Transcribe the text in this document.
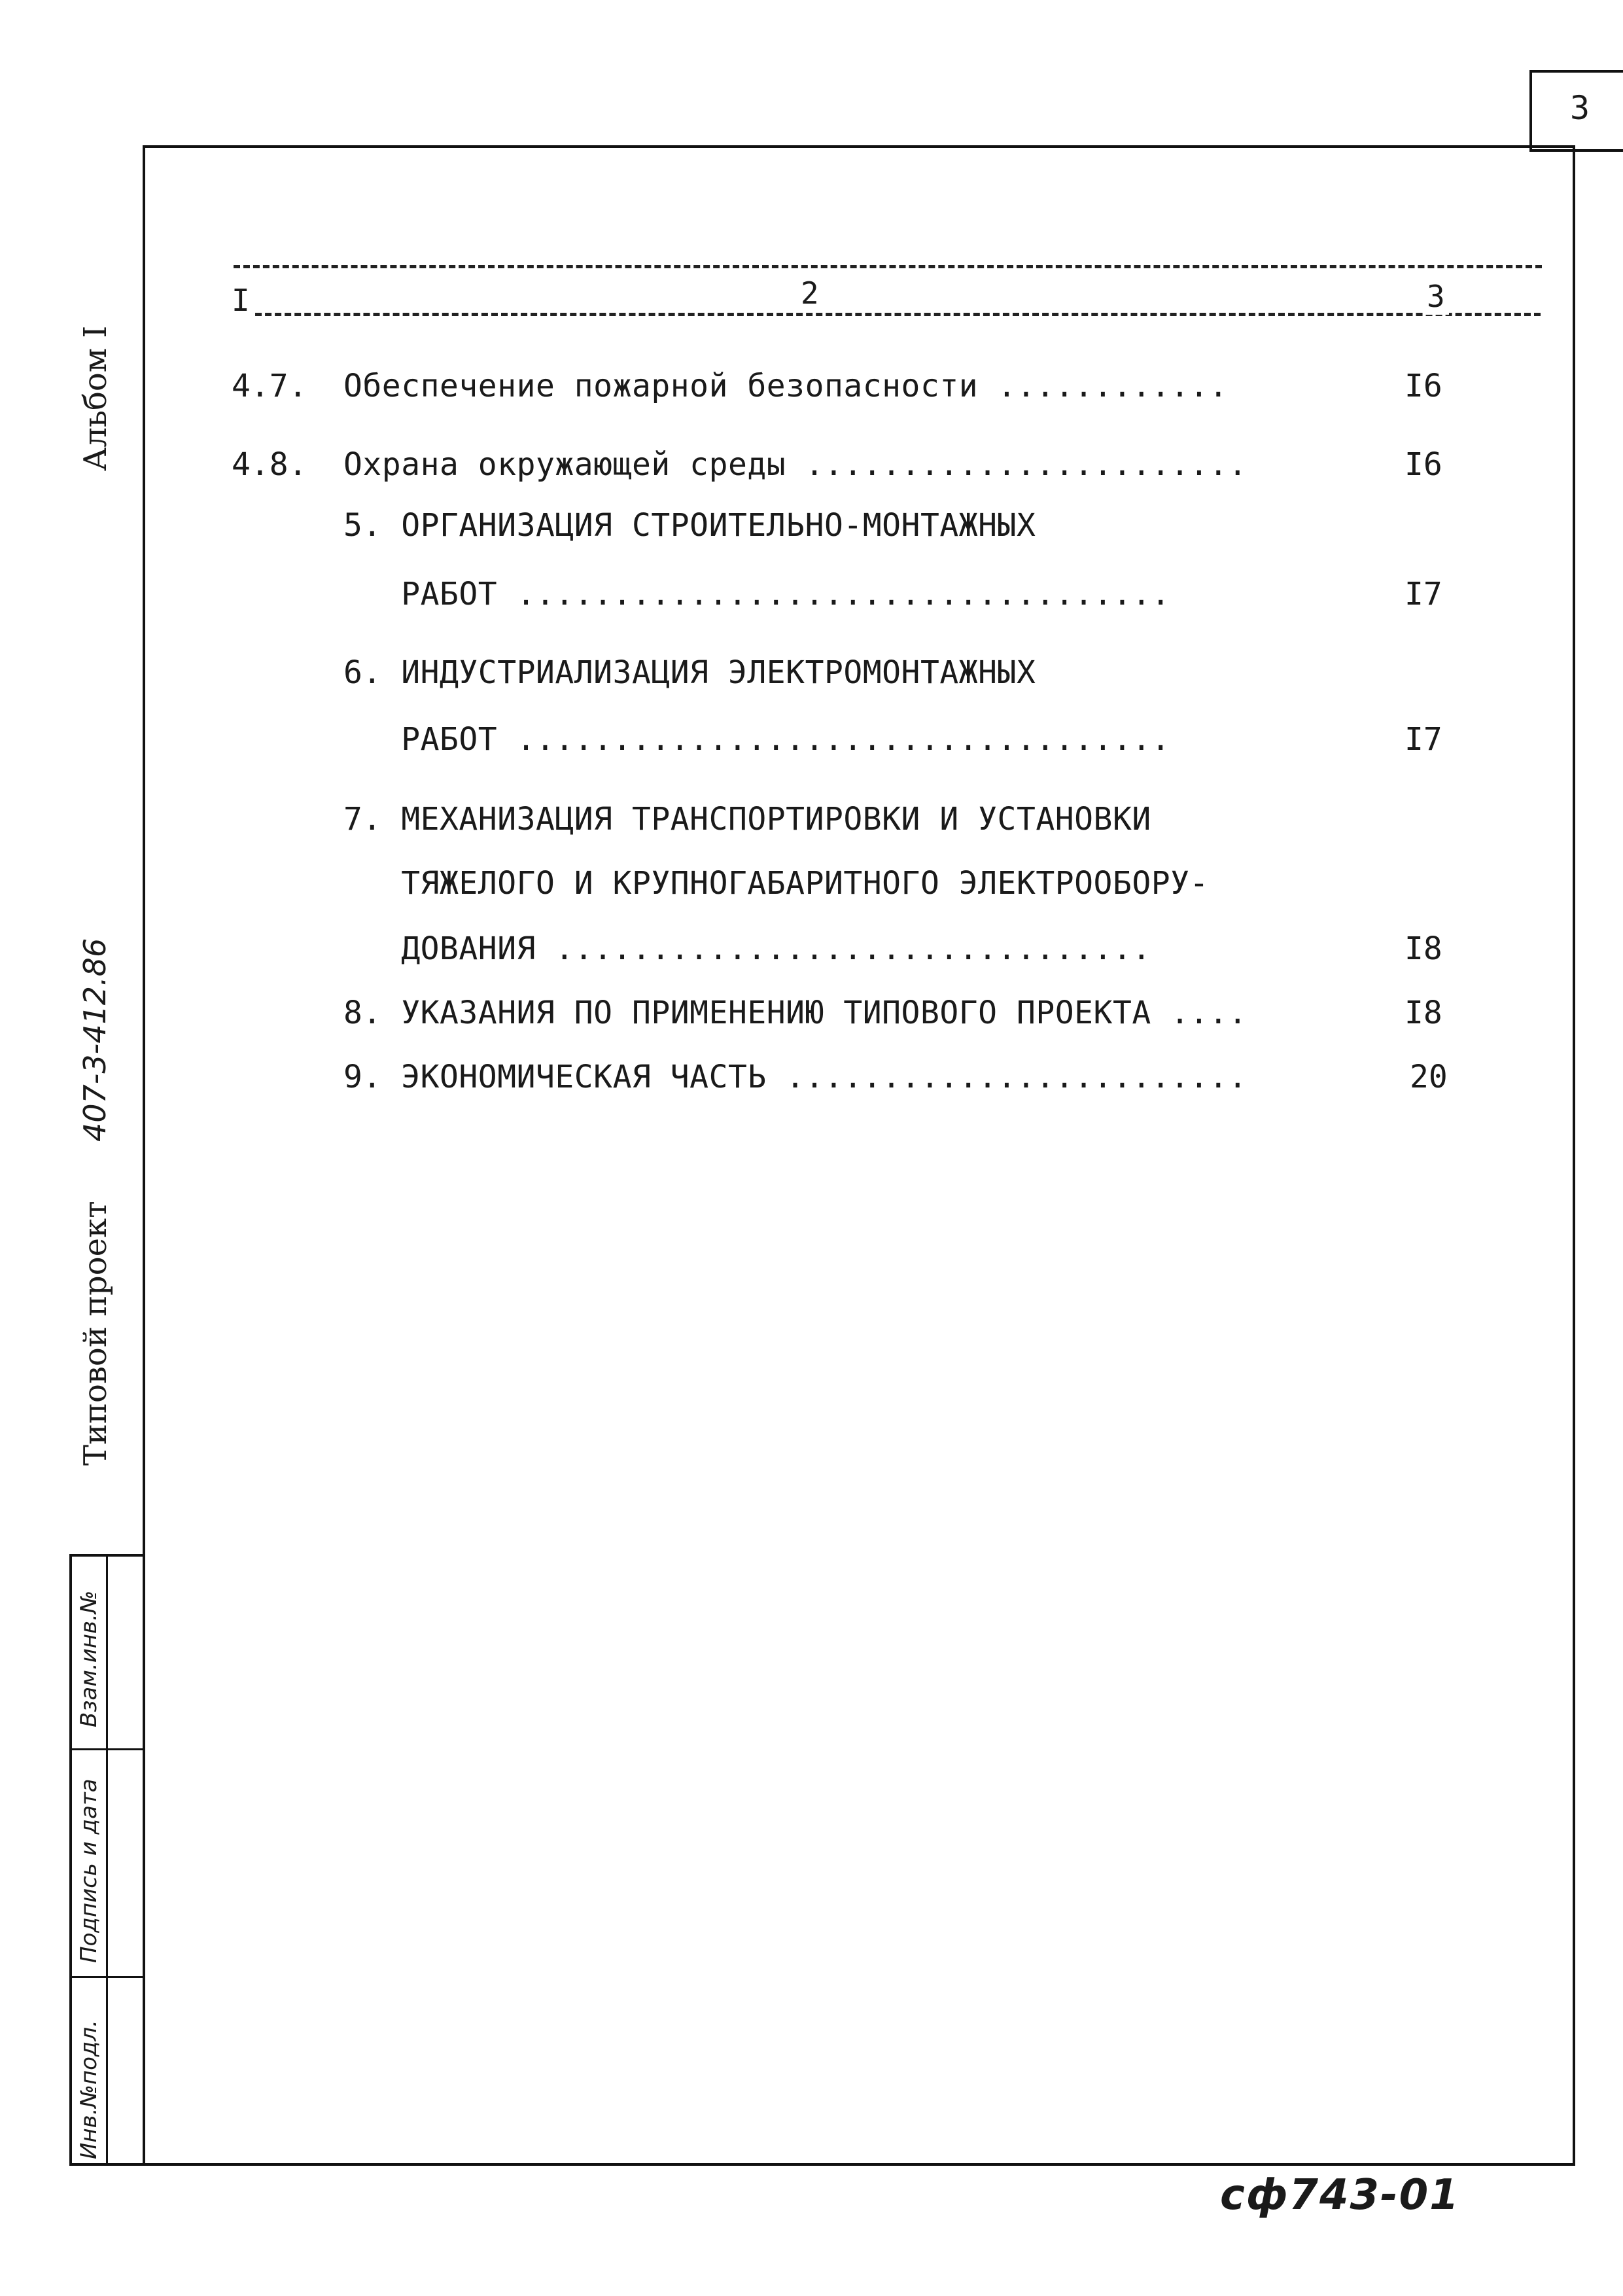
3
Альбом I
Типовой проект
407-3-412.86
Взам.инв.№
Подпись и дата
Инв.№подл.
I	2	3
4.7. Обеспечение пожарной безопасности ............	I6
4.8. Охрана окружающей среды .......................	I6
5. ОРГАНИЗАЦИЯ СТРОИТЕЛЬНО-МОНТАЖНЫХ
РАБОТ ..................................	I7
6. ИНДУСТРИАЛИЗАЦИЯ ЭЛЕКТРОМОНТАЖНЫХ
РАБОТ ..................................	I7
7. МЕХАНИЗАЦИЯ ТРАНСПОРТИРОВКИ И УСТАНОВКИ
ТЯЖЕЛОГО И КРУПНОГАБАРИТНОГО ЭЛЕКТРООБОРУ-
ДОВАНИЯ ...............................	I8
8. УКАЗАНИЯ ПО ПРИМЕНЕНИЮ ТИПОВОГО ПРОЕКТА ....	I8
9. ЭКОНОМИЧЕСКАЯ ЧАСТЬ ........................	20
сф743-01
